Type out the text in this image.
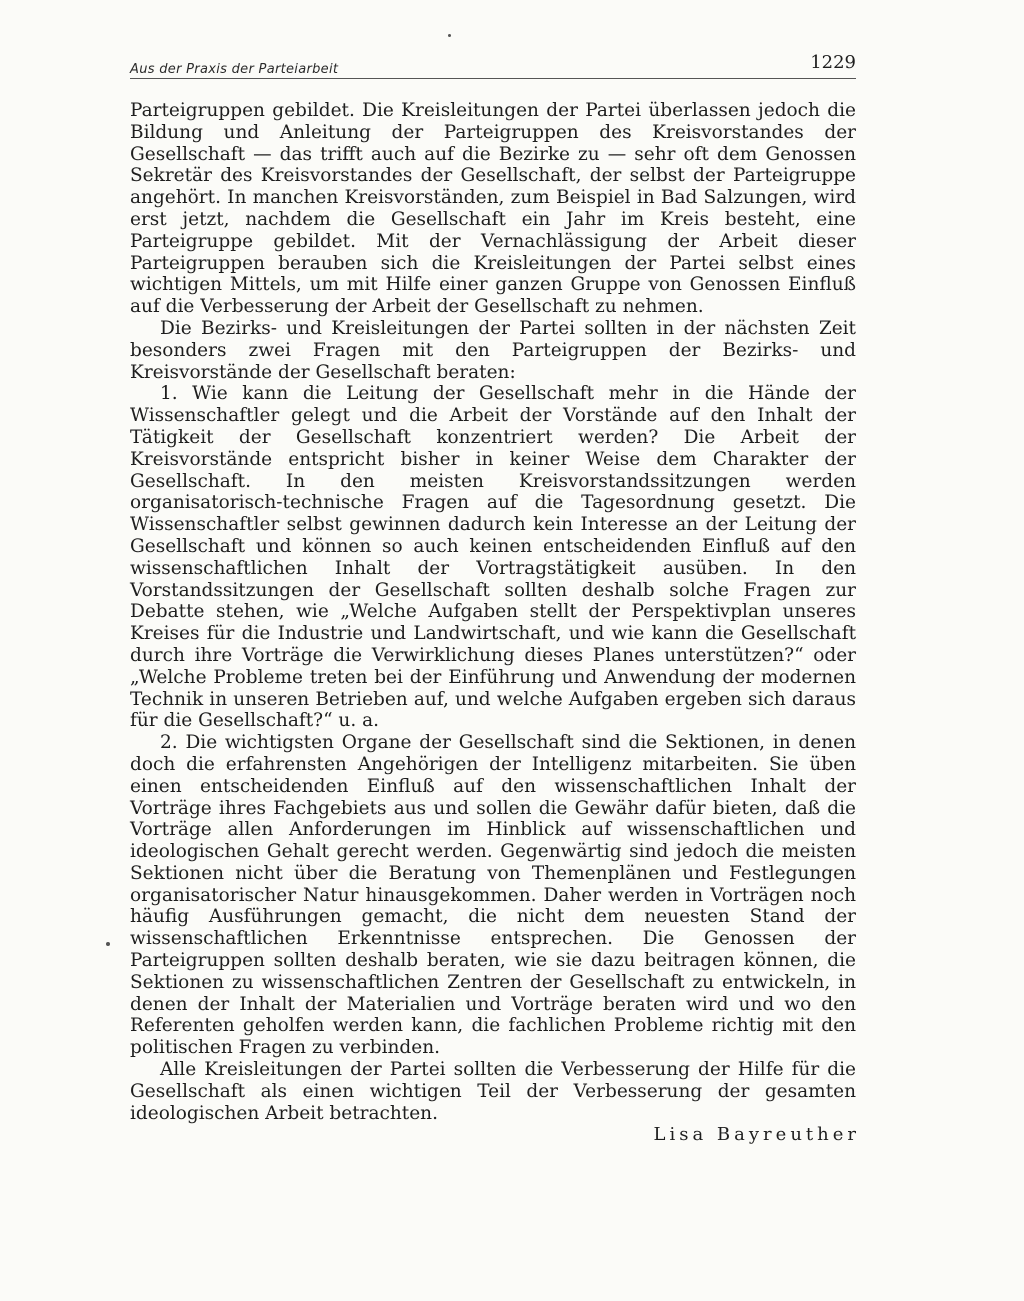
Aus der Praxis der Parteiarbeit	1229

Parteigruppen gebildet. Die Kreisleitungen der Partei überlassen jedoch die Bildung und Anleitung der Parteigruppen des Kreisvorstandes der Gesellschaft — das trifft auch auf die Bezirke zu — sehr oft dem Genossen Sekretär des Kreisvorstandes der Gesellschaft, der selbst der Parteigruppe angehört. In manchen Kreisvorständen, zum Beispiel in Bad Salzungen, wird erst jetzt, nachdem die Gesellschaft ein Jahr im Kreis besteht, eine Parteigruppe gebildet. Mit der Vernachlässigung der Arbeit dieser Parteigruppen berauben sich die Kreisleitungen der Partei selbst eines wichtigen Mittels, um mit Hilfe einer ganzen Gruppe von Genossen Einfluß auf die Verbesserung der Arbeit der Gesellschaft zu nehmen.

Die Bezirks- und Kreisleitungen der Partei sollten in der nächsten Zeit besonders zwei Fragen mit den Parteigruppen der Bezirks- und Kreisvorstände der Gesellschaft beraten:

1. Wie kann die Leitung der Gesellschaft mehr in die Hände der Wissenschaftler gelegt und die Arbeit der Vorstände auf den Inhalt der Tätigkeit der Gesellschaft konzentriert werden? Die Arbeit der Kreisvorstände entspricht bisher in keiner Weise dem Charakter der Gesellschaft. In den meisten Kreisvorstandssitzungen werden organisatorisch-technische Fragen auf die Tagesordnung gesetzt. Die Wissenschaftler selbst gewinnen dadurch kein Interesse an der Leitung der Gesellschaft und können so auch keinen entscheidenden Einfluß auf den wissenschaftlichen Inhalt der Vortragstätigkeit ausüben. In den Vorstandssitzungen der Gesellschaft sollten deshalb solche Fragen zur Debatte stehen, wie „Welche Aufgaben stellt der Perspektivplan unseres Kreises für die Industrie und Landwirtschaft, und wie kann die Gesellschaft durch ihre Vorträge die Verwirklichung dieses Planes unterstützen?“ oder „Welche Probleme treten bei der Einführung und Anwendung der modernen Technik in unseren Betrieben auf, und welche Aufgaben ergeben sich daraus für die Gesellschaft?“ u. a.

2. Die wichtigsten Organe der Gesellschaft sind die Sektionen, in denen doch die erfahrensten Angehörigen der Intelligenz mitarbeiten. Sie üben einen entscheidenden Einfluß auf den wissenschaftlichen Inhalt der Vorträge ihres Fachgebiets aus und sollen die Gewähr dafür bieten, daß die Vorträge allen Anforderungen im Hinblick auf wissenschaftlichen und ideologischen Gehalt gerecht werden. Gegenwärtig sind jedoch die meisten Sektionen nicht über die Beratung von Themenplänen und Festlegungen organisatorischer Natur hinausgekommen. Daher werden in Vorträgen noch häufig Ausführungen gemacht, die nicht dem neuesten Stand der wissenschaftlichen Erkenntnisse entsprechen. Die Genossen der Parteigruppen sollten deshalb beraten, wie sie dazu beitragen können, die Sektionen zu wissenschaftlichen Zentren der Gesellschaft zu entwickeln, in denen der Inhalt der Materialien und Vorträge beraten wird und wo den Referenten geholfen werden kann, die fachlichen Probleme richtig mit den politischen Fragen zu verbinden.

Alle Kreisleitungen der Partei sollten die Verbesserung der Hilfe für die Gesellschaft als einen wichtigen Teil der Verbesserung der gesamten ideologischen Arbeit betrachten.

Lisa Bayreuther
